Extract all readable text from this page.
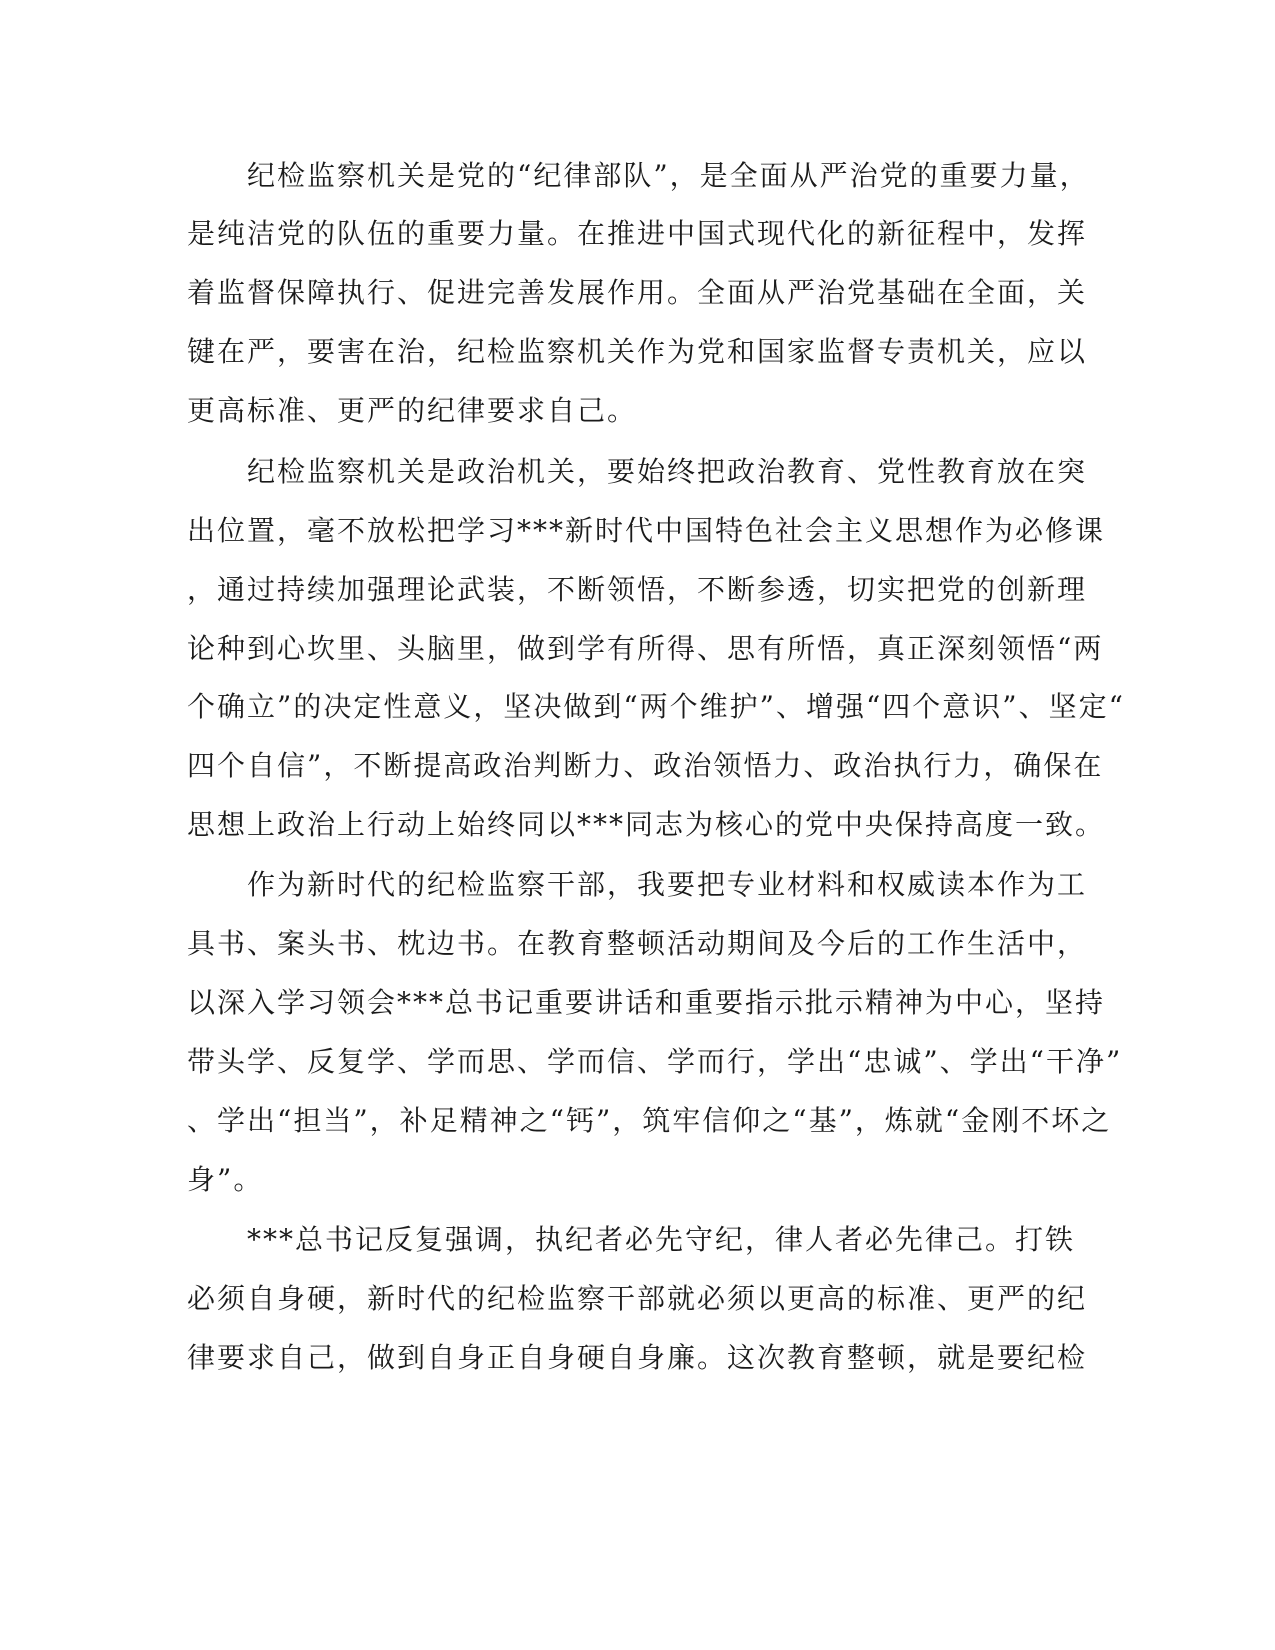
　　纪检监察机关是党的“纪律部队”，是全面从严治党的重要力量，
是纯洁党的队伍的重要力量。在推进中国式现代化的新征程中，发挥
着监督保障执行、促进完善发展作用。全面从严治党基础在全面，关
键在严，要害在治，纪检监察机关作为党和国家监督专责机关，应以
更高标准、更严的纪律要求自己。
　　纪检监察机关是政治机关，要始终把政治教育、党性教育放在突
出位置，毫不放松把学习***新时代中国特色社会主义思想作为必修课
，通过持续加强理论武装，不断领悟，不断参透，切实把党的创新理
论种到心坎里、头脑里，做到学有所得、思有所悟，真正深刻领悟“两
个确立”的决定性意义，坚决做到“两个维护”、增强“四个意识”、坚定“
四个自信”，不断提高政治判断力、政治领悟力、政治执行力，确保在
思想上政治上行动上始终同以***同志为核心的党中央保持高度一致。
　　作为新时代的纪检监察干部，我要把专业材料和权威读本作为工
具书、案头书、枕边书。在教育整顿活动期间及今后的工作生活中，
以深入学习领会***总书记重要讲话和重要指示批示精神为中心，坚持
带头学、反复学、学而思、学而信、学而行，学出“忠诚”、学出“干净”
、学出“担当”，补足精神之“钙”，筑牢信仰之“基”，炼就“金刚不坏之
身”。
　　***总书记反复强调，执纪者必先守纪，律人者必先律己。打铁
必须自身硬，新时代的纪检监察干部就必须以更高的标准、更严的纪
律要求自己，做到自身正自身硬自身廉。这次教育整顿，就是要纪检
